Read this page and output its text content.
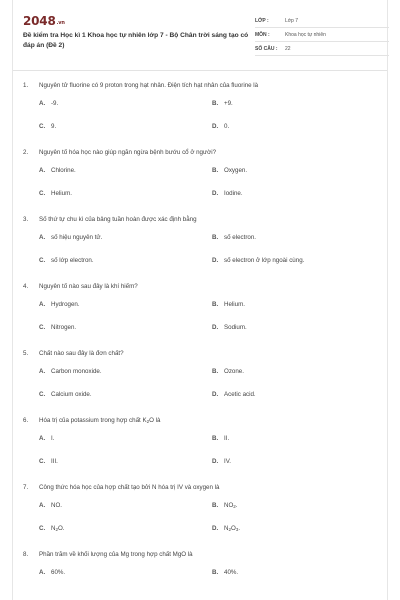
2048.vn
Đề kiểm tra Học kì 1 Khoa học tự nhiên lớp 7 - Bộ Chân trời sáng tạo có đáp án (Đề 2)
LỚP :	Lớp 7
MÔN :	Khoa học tự nhiên
SỐ CÂU :	22
1. Nguyên tử fluorine có 9 proton trong hạt nhân. Điện tích hạt nhân của fluorine là
A. -9.	B. +9.
C. 9.	D. 0.
2. Nguyên tố hóa học nào giúp ngăn ngừa bệnh bướu cổ ở người?
A. Chlorine.	B. Oxygen.
C. Helium.	D. Iodine.
3. Số thứ tự chu kì của bảng tuần hoàn được xác định bằng
A. số hiệu nguyên tử.	B. số electron.
C. số lớp electron.	D. số electron ở lớp ngoài cùng.
4. Nguyên tố nào sau đây là khí hiếm?
A. Hydrogen.	B. Helium.
C. Nitrogen.	D. Sodium.
5. Chất nào sau đây là đơn chất?
A. Carbon monoxide.	B. Ozone.
C. Calcium oxide.	D. Acetic acid.
6. Hóa trị của potassium trong hợp chất $K_2O$ là
A. I.	B. II.
C. III.	D. IV.
7. Công thức hóa học của hợp chất tạo bởi N hóa trị IV và oxygen là
A. NO.	B. $NO_2$.
C. $N_2O$.	D. $N_2O_3$.
8. Phần trăm về khối lượng của Mg trong hợp chất MgO là
A. 60%.	B. 40%.
